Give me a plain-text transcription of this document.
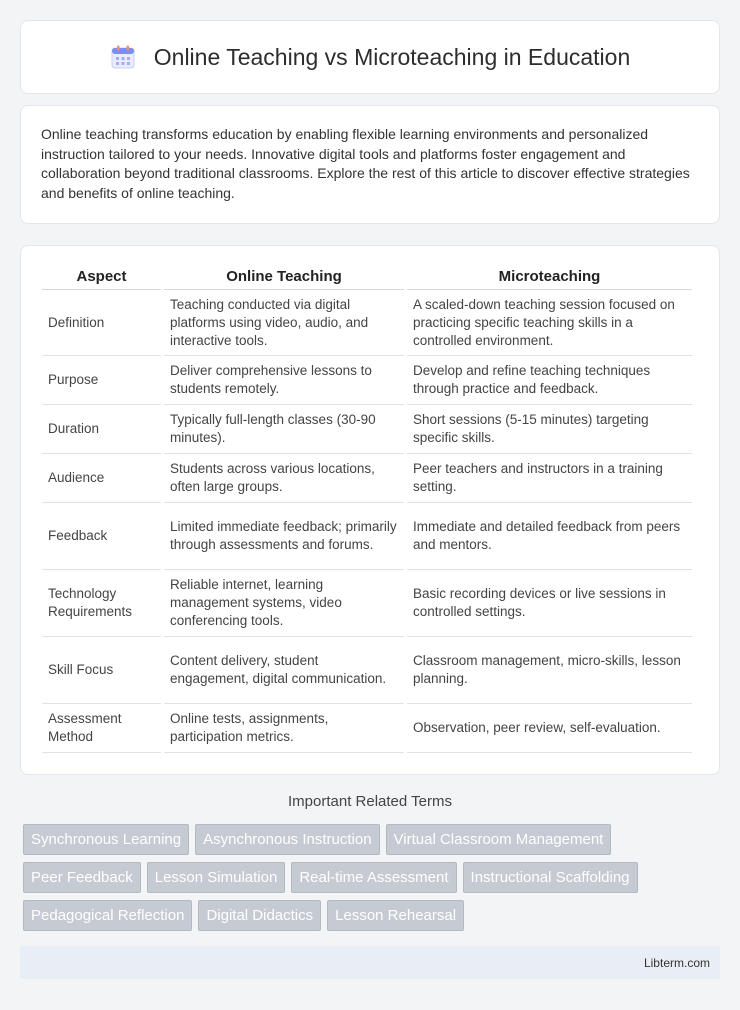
Online Teaching vs Microteaching in Education

Online teaching transforms education by enabling flexible learning environments and personalized instruction tailored to your needs. Innovative digital tools and platforms foster engagement and collaboration beyond traditional classrooms. Explore the rest of this article to discover effective strategies and benefits of online teaching.

Aspect	Online Teaching	Microteaching
Definition	Teaching conducted via digital platforms using video, audio, and interactive tools.	A scaled-down teaching session focused on practicing specific teaching skills in a controlled environment.
Purpose	Deliver comprehensive lessons to students remotely.	Develop and refine teaching techniques through practice and feedback.
Duration	Typically full-length classes (30-90 minutes).	Short sessions (5-15 minutes) targeting specific skills.
Audience	Students across various locations, often large groups.	Peer teachers and instructors in a training setting.
Feedback	Limited immediate feedback; primarily through assessments and forums.	Immediate and detailed feedback from peers and mentors.
Technology Requirements	Reliable internet, learning management systems, video conferencing tools.	Basic recording devices or live sessions in controlled settings.
Skill Focus	Content delivery, student engagement, digital communication.	Classroom management, micro-skills, lesson planning.
Assessment Method	Online tests, assignments, participation metrics.	Observation, peer review, self-evaluation.
Important Related Terms
Synchronous Learning	Asynchronous Instruction	Virtual Classroom Management
Peer Feedback	Lesson Simulation	Real-time Assessment	Instructional Scaffolding
Pedagogical Reflection	Digital Didactics	Lesson Rehearsal
Libterm.com
